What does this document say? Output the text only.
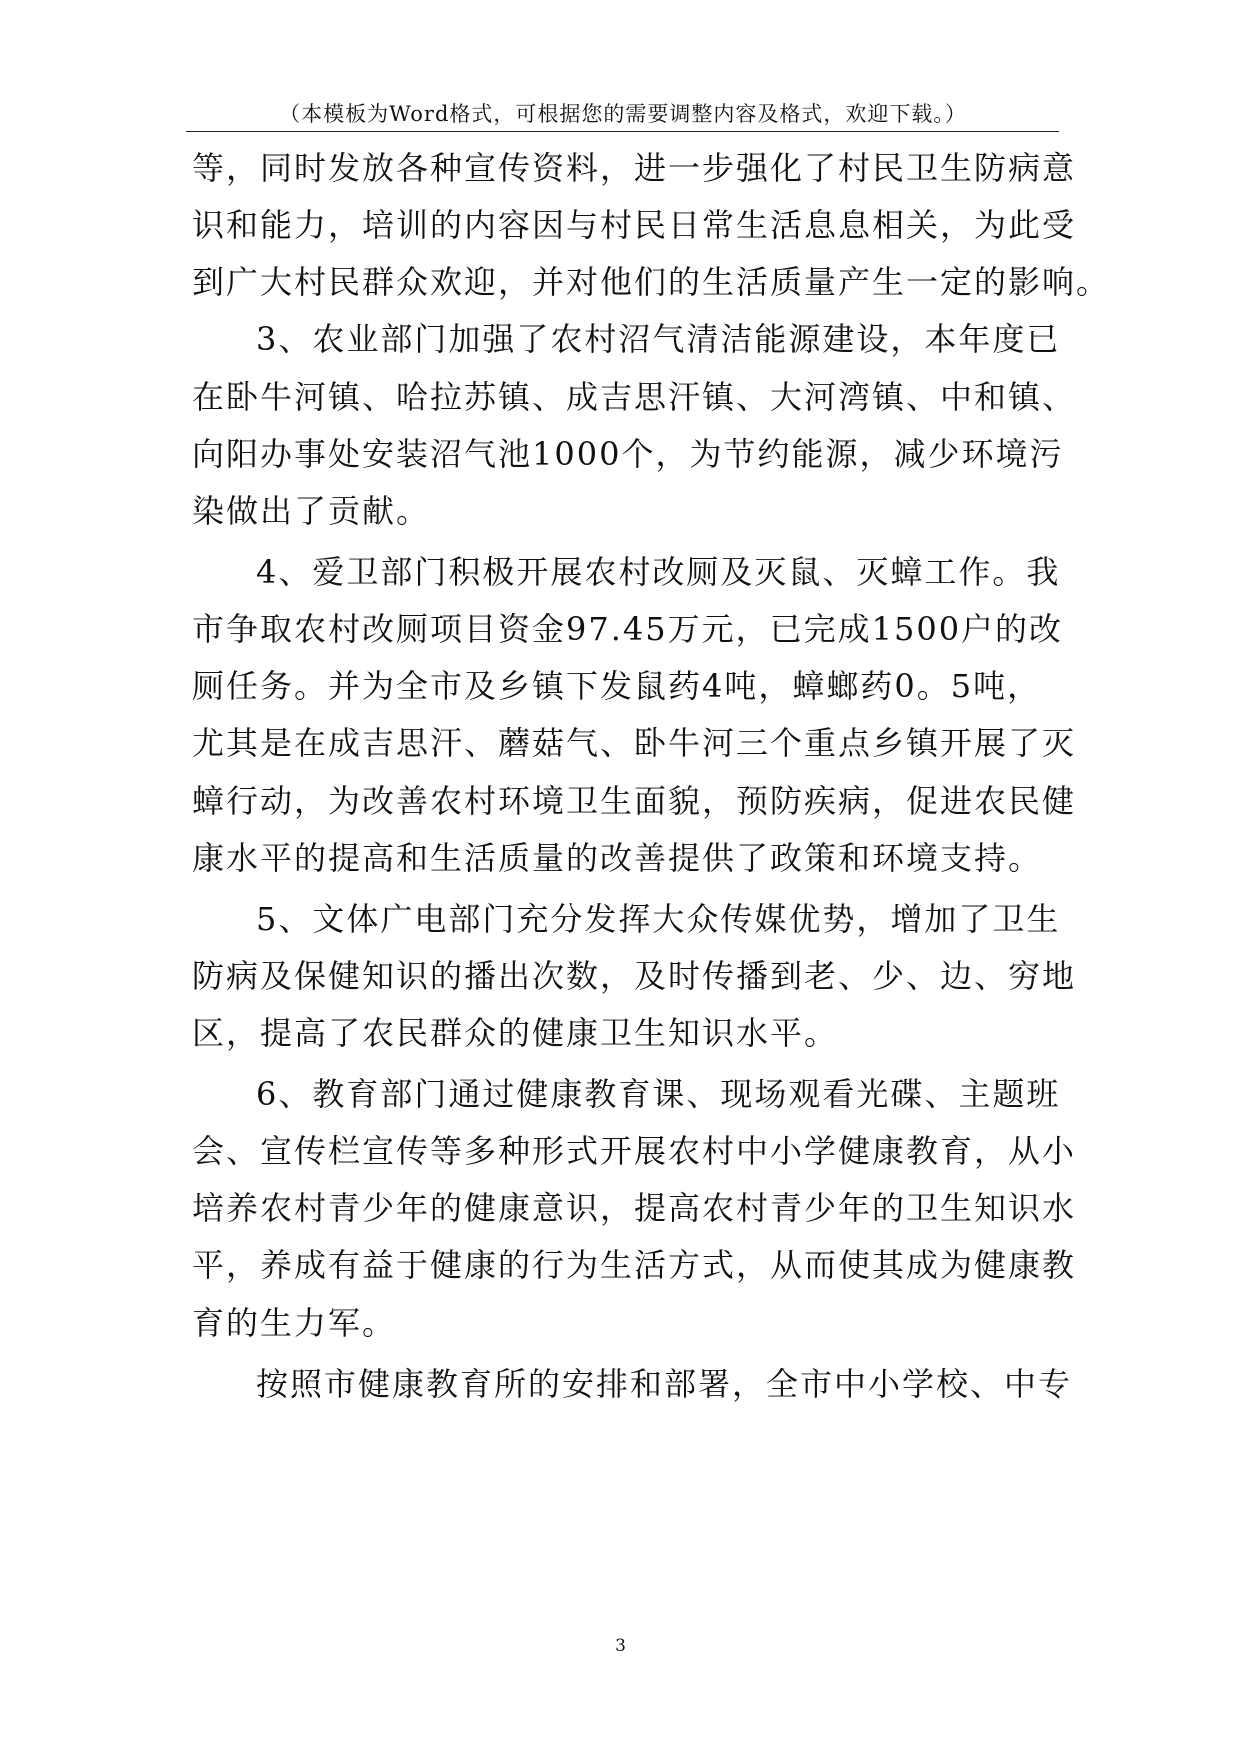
（本模板为Word格式，可根据您的需要调整内容及格式，欢迎下载。）
等，同时发放各种宣传资料，进一步强化了村民卫生防病意
识和能力，培训的内容因与村民日常生活息息相关，为此受
到广大村民群众欢迎，并对他们的生活质量产生一定的影响。
3、农业部门加强了农村沼气清洁能源建设，本年度已
在卧牛河镇、哈拉苏镇、成吉思汗镇、大河湾镇、中和镇、
向阳办事处安装沼气池1000个，为节约能源，减少环境污
染做出了贡献。
4、爱卫部门积极开展农村改厕及灭鼠、灭蟑工作。我
市争取农村改厕项目资金97.45万元，已完成1500户的改
厕任务。并为全市及乡镇下发鼠药4吨，蟑螂药0。5吨，
尤其是在成吉思汗、蘑菇气、卧牛河三个重点乡镇开展了灭
蟑行动，为改善农村环境卫生面貌，预防疾病，促进农民健
康水平的提高和生活质量的改善提供了政策和环境支持。
5、文体广电部门充分发挥大众传媒优势，增加了卫生
防病及保健知识的播出次数，及时传播到老、少、边、穷地
区，提高了农民群众的健康卫生知识水平。
6、教育部门通过健康教育课、现场观看光碟、主题班
会、宣传栏宣传等多种形式开展农村中小学健康教育，从小
培养农村青少年的健康意识，提高农村青少年的卫生知识水
平，养成有益于健康的行为生活方式，从而使其成为健康教
育的生力军。
按照市健康教育所的安排和部署，全市中小学校、中专
3
